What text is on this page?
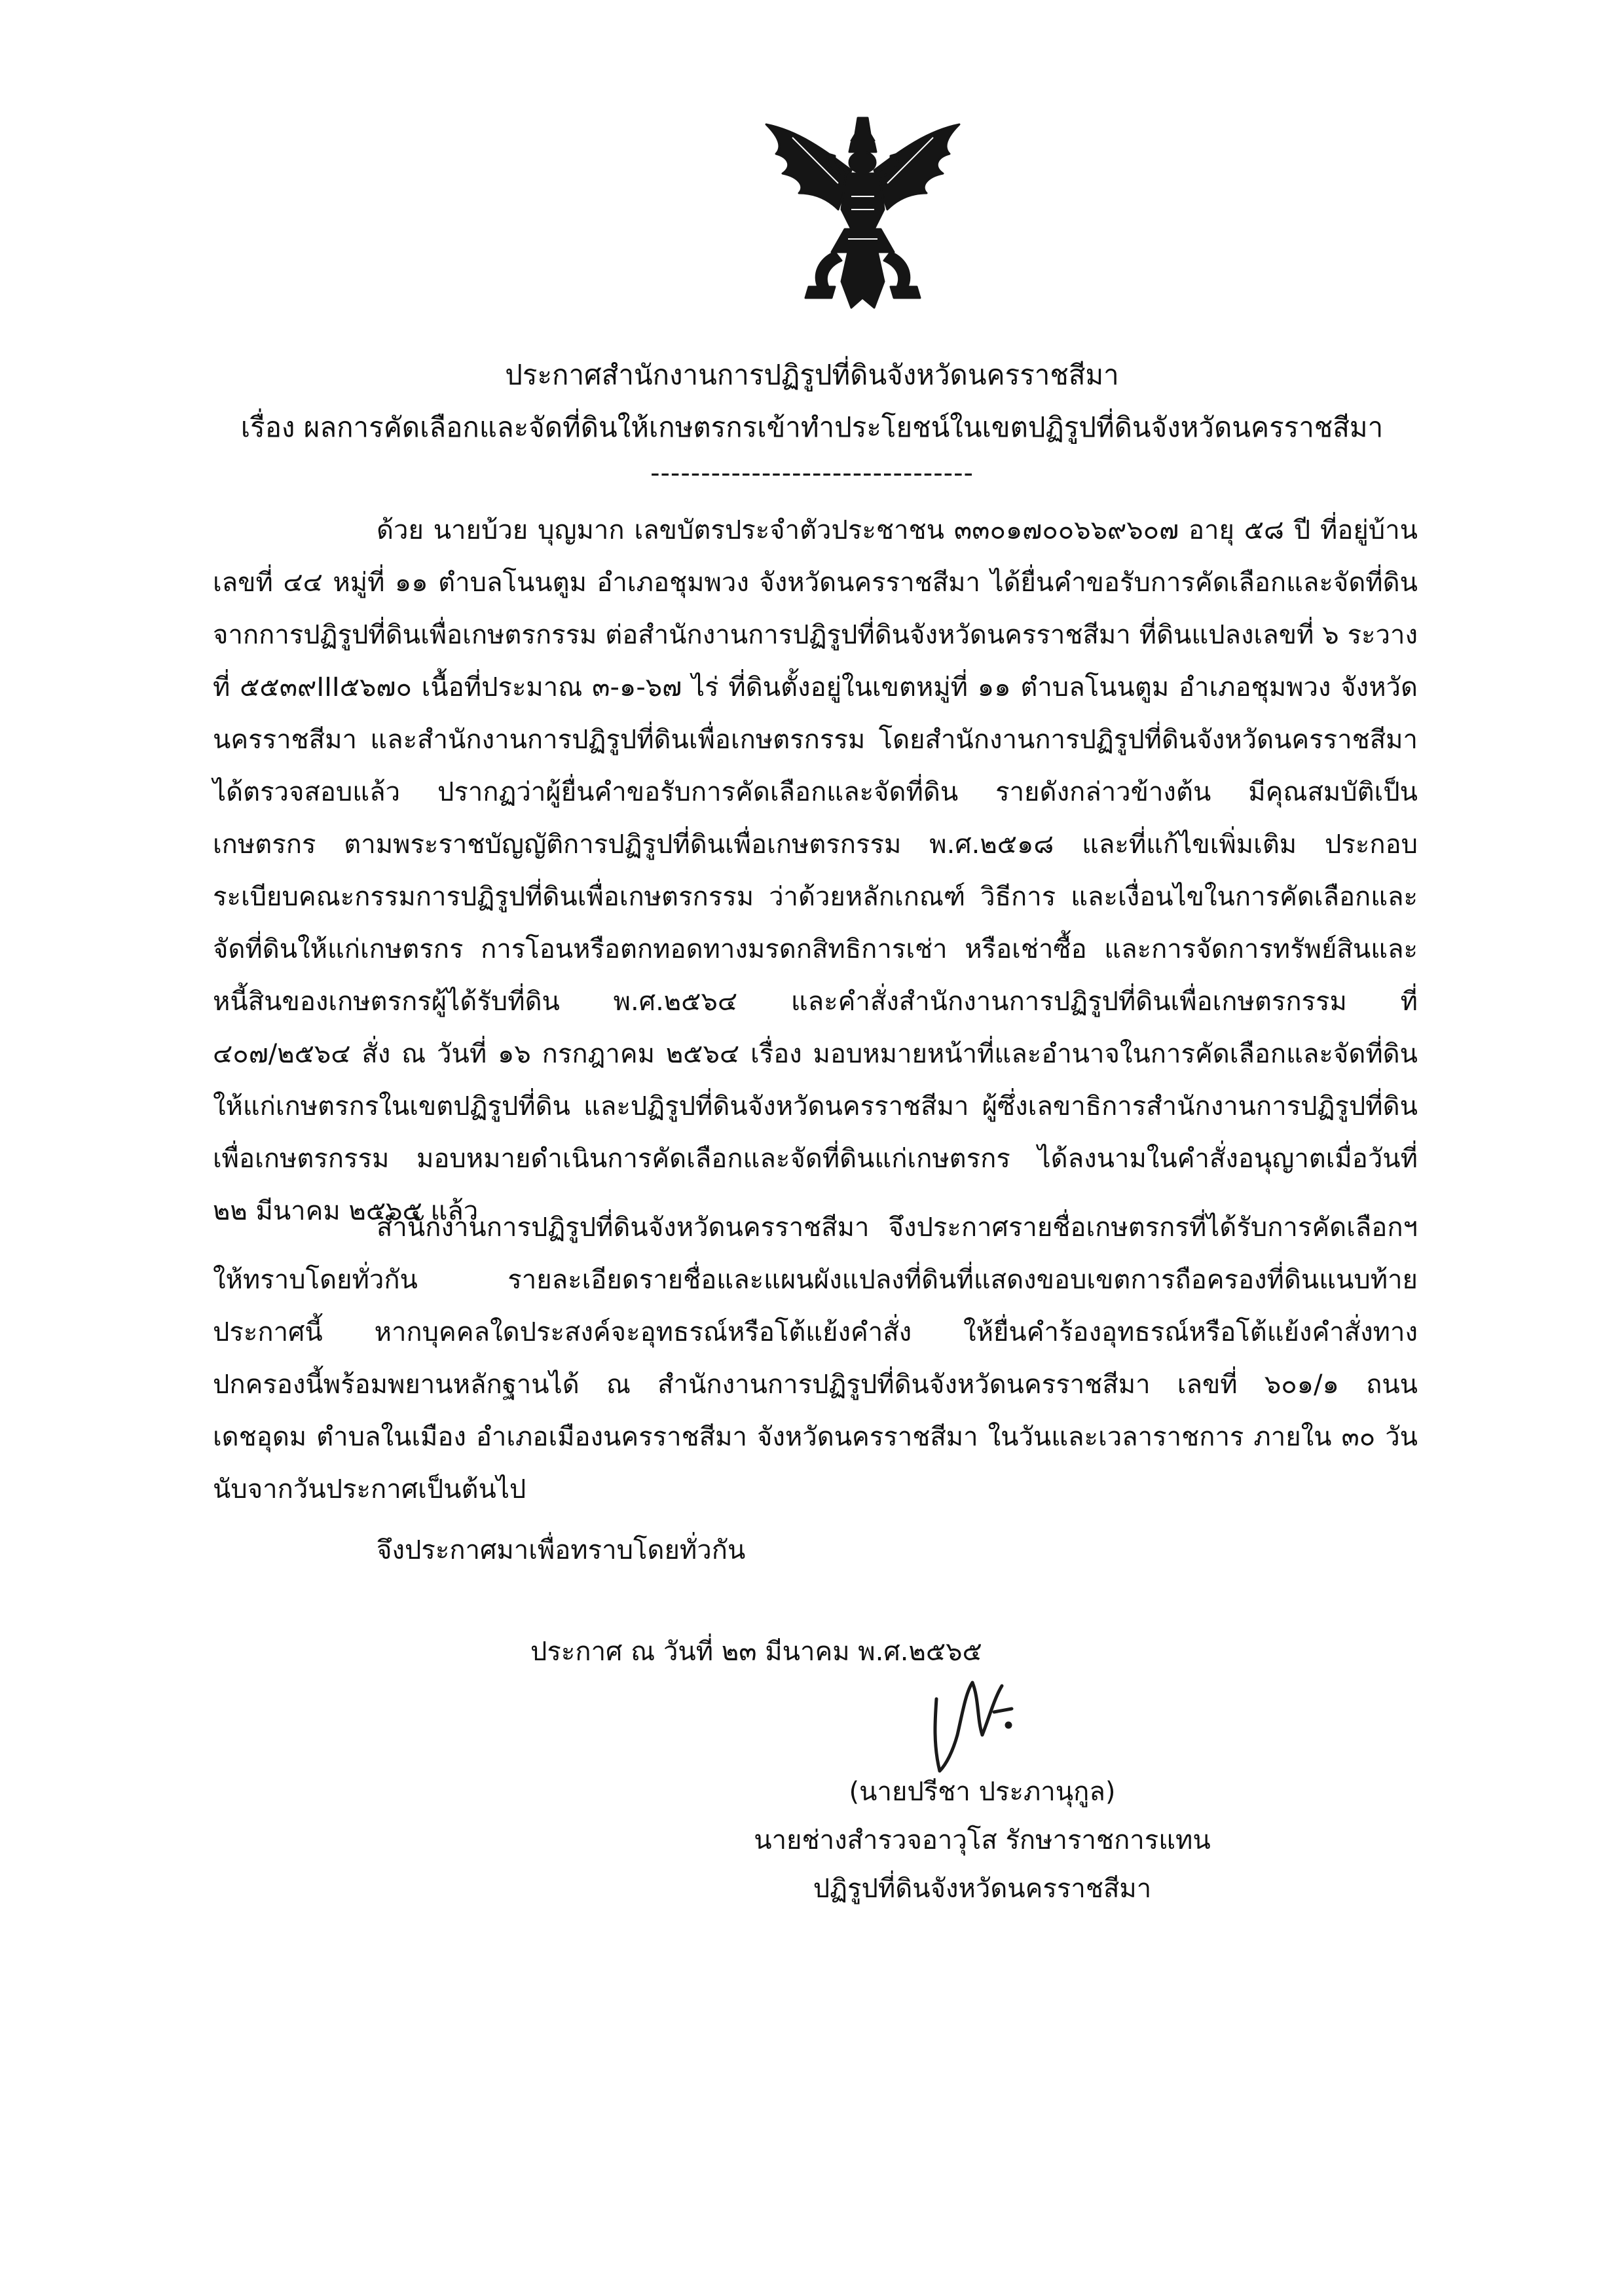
ประกาศสำนักงานการปฏิรูปที่ดินจังหวัดนครราชสีมา
เรื่อง ผลการคัดเลือกและจัดที่ดินให้เกษตรกรเข้าทำประโยชน์ในเขตปฏิรูปที่ดินจังหวัดนครราชสีมา
--------------------------------
ด้วย นายบ้วย บุญมาก เลขบัตรประจำตัวประชาชน ๓๓๐๑๗๐๐๖๖๙๖๐๗ อายุ ๕๘ ปี ที่อยู่บ้านเลขที่ ๔๔ หมู่ที่ ๑๑ ตำบลโนนตูม อำเภอชุมพวง จังหวัดนครราชสีมา ได้ยื่นคำขอรับการคัดเลือกและจัดที่ดินจากการปฏิรูปที่ดินเพื่อเกษตรกรรม ต่อสำนักงานการปฏิรูปที่ดินจังหวัดนครราชสีมา ที่ดินแปลงเลขที่ ๖ ระวางที่ ๕๕๓๙III๕๖๗๐ เนื้อที่ประมาณ ๓-๑-๖๗ ไร่ ที่ดินตั้งอยู่ในเขตหมู่ที่ ๑๑ ตำบลโนนตูม อำเภอชุมพวง จังหวัดนครราชสีมา และสำนักงานการปฏิรูปที่ดินเพื่อเกษตรกรรม โดยสำนักงานการปฏิรูปที่ดินจังหวัดนครราชสีมาได้ตรวจสอบแล้ว ปรากฏว่าผู้ยื่นคำขอรับการคัดเลือกและจัดที่ดิน รายดังกล่าวข้างต้น มีคุณสมบัติเป็นเกษตรกร ตามพระราชบัญญัติการปฏิรูปที่ดินเพื่อเกษตรกรรม พ.ศ.๒๕๑๘ และที่แก้ไขเพิ่มเติม ประกอบระเบียบคณะกรรมการปฏิรูปที่ดินเพื่อเกษตรกรรม ว่าด้วยหลักเกณฑ์ วิธีการ และเงื่อนไขในการคัดเลือกและจัดที่ดินให้แก่เกษตรกร การโอนหรือตกทอดทางมรดกสิทธิการเช่า หรือเช่าซื้อ และการจัดการทรัพย์สินและหนี้สินของเกษตรกรผู้ได้รับที่ดิน พ.ศ.๒๕๖๔ และคำสั่งสำนักงานการปฏิรูปที่ดินเพื่อเกษตรกรรม ที่ ๔๐๗/๒๕๖๔ สั่ง ณ วันที่ ๑๖ กรกฎาคม ๒๕๖๔ เรื่อง มอบหมายหน้าที่และอำนาจในการคัดเลือกและจัดที่ดินให้แก่เกษตรกรในเขตปฏิรูปที่ดิน และปฏิรูปที่ดินจังหวัดนครราชสีมา ผู้ซึ่งเลขาธิการสำนักงานการปฏิรูปที่ดินเพื่อเกษตรกรรม มอบหมายดำเนินการคัดเลือกและจัดที่ดินแก่เกษตรกร ได้ลงนามในคำสั่งอนุญาตเมื่อวันที่ ๒๒ มีนาคม ๒๕๖๕ แล้ว
สำนักงานการปฏิรูปที่ดินจังหวัดนครราชสีมา จึงประกาศรายชื่อเกษตรกรที่ได้รับการคัดเลือกฯ ให้ทราบโดยทั่วกัน รายละเอียดรายชื่อและแผนผังแปลงที่ดินที่แสดงขอบเขตการถือครองที่ดินแนบท้ายประกาศนี้ หากบุคคลใดประสงค์จะอุทธรณ์หรือโต้แย้งคำสั่ง ให้ยื่นคำร้องอุทธรณ์หรือโต้แย้งคำสั่งทางปกครองนี้พร้อมพยานหลักฐานได้ ณ สำนักงานการปฏิรูปที่ดินจังหวัดนครราชสีมา เลขที่ ๖๐๑/๑ ถนนเดชอุดม ตำบลในเมือง อำเภอเมืองนครราชสีมา จังหวัดนครราชสีมา ในวันและเวลาราชการ ภายใน ๓๐ วัน นับจากวันประกาศเป็นต้นไป
จึงประกาศมาเพื่อทราบโดยทั่วกัน
ประกาศ ณ วันที่ ๒๓ มีนาคม พ.ศ.๒๕๖๕
(นายปรีชา ประภานุกูล)
นายช่างสำรวจอาวุโส รักษาราชการแทน
ปฏิรูปที่ดินจังหวัดนครราชสีมา
